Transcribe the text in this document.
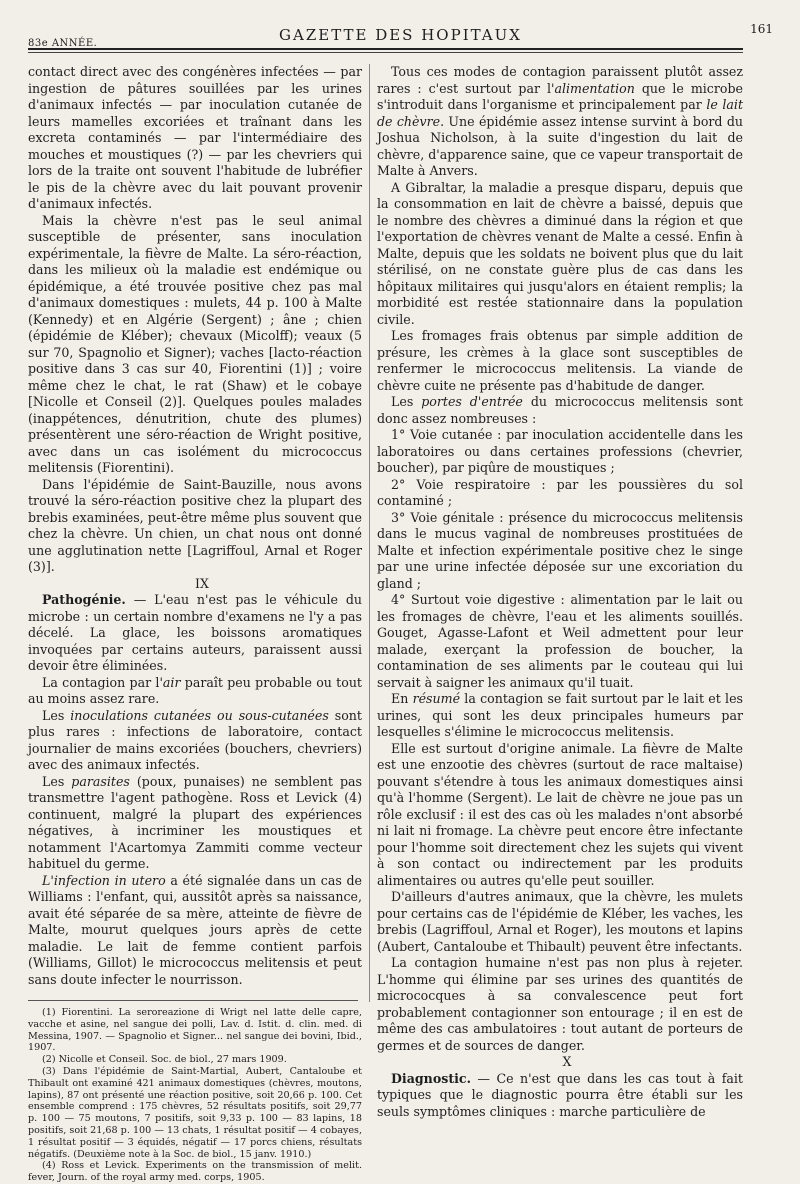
83e ANNÉE.	GAZETTE DES HOPITAUX	161

contact direct avec des congénères infectées — par ingestion de pâtures souillées par les urines d'animaux infectés — par inoculation cutanée de leurs mamelles excoriées et traînant dans les excreta contaminés — par l'intermédiaire des mouches et moustiques (?) — par les chevriers qui lors de la traite ont souvent l'habitude de lubréfier le pis de la chèvre avec du lait pouvant provenir d'animaux infectés.

Mais la chèvre n'est pas le seul animal susceptible de présenter, sans inoculation expérimentale, la fièvre de Malte. La séro-réaction, dans les milieux où la maladie est endémique ou épidémique, a été trouvée positive chez pas mal d'animaux domestiques : mulets, 44 p. 100 à Malte (Kennedy) et en Algérie (Sergent) ; âne ; chien (épidémie de Kléber); chevaux (Micolff); veaux (5 sur 70, Spagnolio et Signer); vaches [lacto-réaction positive dans 3 cas sur 40, Fiorentini (1)] ; voire même chez le chat, le rat (Shaw) et le cobaye [Nicolle et Conseil (2)]. Quelques poules malades (inappétences, dénutrition, chute des plumes) présentèrent une séro-réaction de Wright positive, avec dans un cas isolément du micrococcus melitensis (Fiorentini).

Dans l'épidémie de Saint-Bauzille, nous avons trouvé la séro-réaction positive chez la plupart des brebis examinées, peut-être même plus souvent que chez la chèvre. Un chien, un chat nous ont donné une agglutination nette [Lagriffoul, Arnal et Roger (3)].

IX

Pathogénie. — L'eau n'est pas le véhicule du microbe : un certain nombre d'examens ne l'y a pas décelé. La glace, les boissons aromatiques invoquées par certains auteurs, paraissent aussi devoir être éliminées.

La contagion par l'air paraît peu probable ou tout au moins assez rare.

Les inoculations cutanées ou sous-cutanées sont plus rares : infections de laboratoire, contact journalier de mains excoriées (bouchers, chevriers) avec des animaux infectés.

Les parasites (poux, punaises) ne semblent pas transmettre l'agent pathogène. Ross et Levick (4) continuent, malgré la plupart des expériences négatives, à incriminer les moustiques et notamment l'Acartomya Zammiti comme vecteur habituel du germe.

L'infection in utero a été signalée dans un cas de Williams : l'enfant, qui, aussitôt après sa naissance, avait été séparée de sa mère, atteinte de fièvre de Malte, mourut quelques jours après de cette maladie. Le lait de femme contient parfois (Williams, Gillot) le micrococcus melitensis et peut sans doute infecter le nourrisson.

(1) Fiorentini. La seroreazione di Wrigt nel latte delle capre, vacche et asine, nel sangue dei polli, Lav. d. Istit. d. clin. med. di Messina, 1907. — Spagnolio et Signer... nel sangue dei bovini, Ibid., 1907.

(2) Nicolle et Conseil. Soc. de biol., 27 mars 1909.

(3) Dans l'épidémie de Saint-Martial, Aubert, Cantaloube et Thibault ont examiné 421 animaux domestiques (chèvres, moutons, lapins), 87 ont présenté une réaction positive, soit 20,66 p. 100. Cet ensemble comprend : 175 chèvres, 52 résultats positifs, soit 29,77 p. 100 — 75 moutons, 7 positifs, soit 9,33 p. 100 — 83 lapins, 18 positifs, soit 21,68 p. 100 — 13 chats, 1 résultat positif — 4 cobayes, 1 résultat positif — 3 équidés, négatif — 17 porcs chiens, résultats négatifs. (Deuxième note à la Soc. de biol., 15 janv. 1910.)

(4) Ross et Levick. Experiments on the transmission of melit. fever, Journ. of the royal army med. corps, 1905.

Tous ces modes de contagion paraissent plutôt assez rares : c'est surtout par l'alimentation que le microbe s'introduit dans l'organisme et principalement par le lait de chèvre. Une épidémie assez intense survint à bord du Joshua Nicholson, à la suite d'ingestion du lait de chèvre, d'apparence saine, que ce vapeur transportait de Malte à Anvers.

A Gibraltar, la maladie a presque disparu, depuis que la consommation en lait de chèvre a baissé, depuis que le nombre des chèvres a diminué dans la région et que l'exportation de chèvres venant de Malte a cessé. Enfin à Malte, depuis que les soldats ne boivent plus que du lait stérilisé, on ne constate guère plus de cas dans les hôpitaux militaires qui jusqu'alors en étaient remplis; la morbidité est restée stationnaire dans la population civile.

Les fromages frais obtenus par simple addition de présure, les crèmes à la glace sont susceptibles de renfermer le micrococcus melitensis. La viande de chèvre cuite ne présente pas d'habitude de danger.

Les portes d'entrée du micrococcus melitensis sont donc assez nombreuses :

1° Voie cutanée : par inoculation accidentelle dans les laboratoires ou dans certaines professions (chevrier, boucher), par piqûre de moustiques ;

2° Voie respiratoire : par les poussières du sol contaminé ;

3° Voie génitale : présence du micrococcus melitensis dans le mucus vaginal de nombreuses prostituées de Malte et infection expérimentale positive chez le singe par une urine infectée déposée sur une excoriation du gland ;

4° Surtout voie digestive : alimentation par le lait ou les fromages de chèvre, l'eau et les aliments souillés. Gouget, Agasse-Lafont et Weil admettent pour leur malade, exerçant la profession de boucher, la contamination de ses aliments par le couteau qui lui servait à saigner les animaux qu'il tuait.

En résumé la contagion se fait surtout par le lait et les urines, qui sont les deux principales humeurs par lesquelles s'élimine le micrococcus melitensis.

Elle est surtout d'origine animale. La fièvre de Malte est une enzootie des chèvres (surtout de race maltaise) pouvant s'étendre à tous les animaux domestiques ainsi qu'à l'homme (Sergent). Le lait de chèvre ne joue pas un rôle exclusif : il est des cas où les malades n'ont absorbé ni lait ni fromage. La chèvre peut encore être infectante pour l'homme soit directement chez les sujets qui vivent à son contact ou indirectement par les produits alimentaires ou autres qu'elle peut souiller.

D'ailleurs d'autres animaux, que la chèvre, les mulets pour certains cas de l'épidémie de Kléber, les vaches, les brebis (Lagriffoul, Arnal et Roger), les moutons et lapins (Aubert, Cantaloube et Thibault) peuvent être infectants.

La contagion humaine n'est pas non plus à rejeter. L'homme qui élimine par ses urines des quantités de micrococques à sa convalescence peut fort probablement contagionner son entourage ; il en est de même des cas ambulatoires : tout autant de porteurs de germes et de sources de danger.

X

Diagnostic. — Ce n'est que dans les cas tout à fait typiques que le diagnostic pourra être établi sur les seuls symptômes cliniques : marche particulière de
